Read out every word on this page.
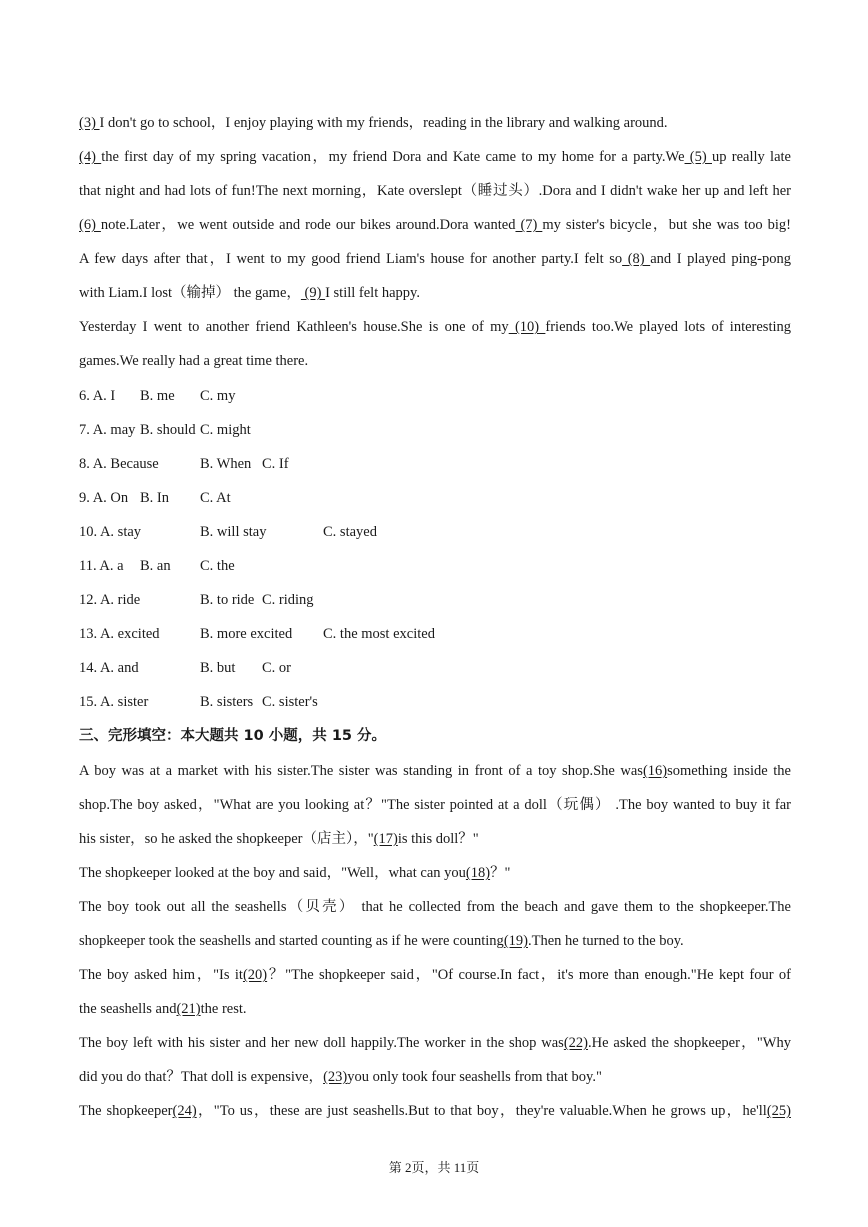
(3) I don't go to school，I enjoy playing with my friends，reading in the library and walking around.
(4) the first day of my spring vacation，my friend Dora and Kate came to my home for a party.We (5) up really late
that night and had lots of fun!The next morning，Kate overslept（睡过头）.Dora and I didn't wake her up and left her
(6) note.Later，we went outside and rode our bikes around.Dora wanted (7) my sister's bicycle，but she was too big!
A few days after that，I went to my good friend Liam's house for another party.I felt so (8) and I played ping-pong
with Liam.I lost（输掉） the game， (9) I still felt happy.
Yesterday I went to another friend Kathleen's house.She is one of my (10) friends too.We played lots of interesting
games.We really had a great time there.
6. A. I B. me C. my
7. A. may B. should C. might
8. A. Because	B. When C. If
9. A. On B. In C. At
10. A. stay	B. will stay	C. stayed
11. A. a B. an C. the
12. A. ride	B. to ride C. riding
13. A. excited	B. more excited C. the most excited
14. A. and	B. but C. or
15. A. sister	B. sisters C. sister's
三、完形填空：本大题共 10 小题，共 15 分。
A boy was at a market with his sister.The sister was standing in front of a toy shop.She was(16)something inside the
shop.The boy asked，"What are you looking at？"The sister pointed at a doll（玩偶） .The boy wanted to buy it far
his sister，so he asked the shopkeeper（店主），"(17)is this doll？"
The shopkeeper looked at the boy and said，"Well，what can you(18)？"
The boy took out all the seashells（贝壳） that he collected from the beach and gave them to the shopkeeper.The
shopkeeper took the seashells and started counting as if he were counting(19).Then he turned to the boy.
The boy asked him，"Is it(20)？"The shopkeeper said，"Of course.In fact，it's more than enough."He kept four of
the seashells and(21)the rest.
The boy left with his sister and her new doll happily.The worker in the shop was(22).He asked the shopkeeper，"Why
did you do that？That doll is expensive，(23)you only took four seashells from that boy."
The shopkeeper(24)，"To us，these are just seashells.But to that boy，they're valuable.When he grows up，he'll(25)
第 2页，共 11页
